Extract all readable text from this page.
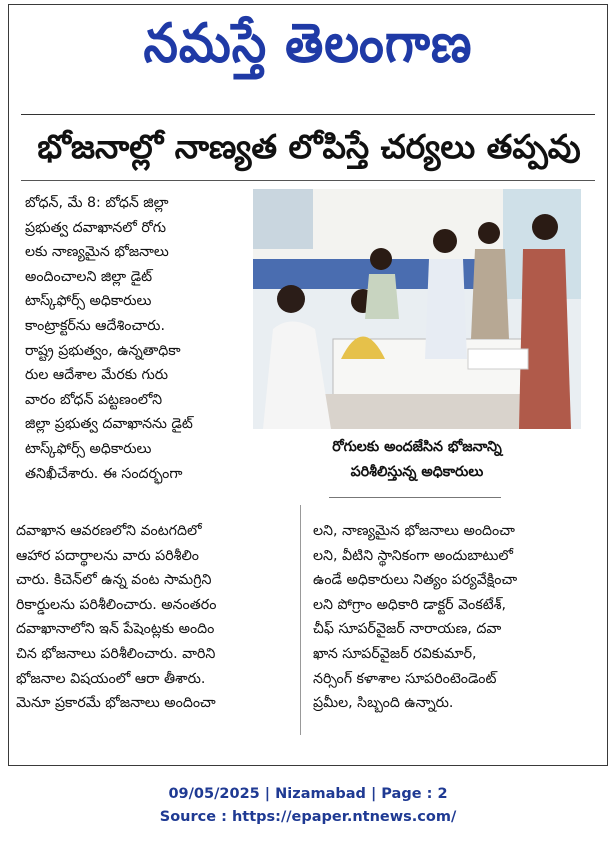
నమస్తే తెలంగాణ
భోజనాల్లో నాణ్యత లోపిస్తే చర్యలు తప్పవు
బోధన్, మే 8: బోధన్ జిల్లా
ప్రభుత్వ దవాఖానలో రోగు
లకు నాణ్యమైన భోజనాలు
అందించాలని జిల్లా డైట్
టాస్క్‌ఫోర్స్ అధికారులు
కాంట్రాక్టర్‌ను ఆదేశించారు.
రాష్ట్ర ప్రభుత్వం, ఉన్నతాధికా
రుల ఆదేశాల మేరకు గురు
వారం బోధన్ పట్టణంలోని
జిల్లా ప్రభుత్వ దవాఖానను డైట్
టాస్క్‌ఫోర్స్ అధికారులు
తనిఖీచేశారు. ఈ సందర్భంగా
రోగులకు అందజేసిన భోజనాన్ని
పరిశీలిస్తున్న అధికారులు
దవాఖాన ఆవరణలోని వంటగదిలో
ఆహార పదార్థాలను వారు పరిశీలిం
చారు. కిచెన్‌లో ఉన్న వంట సామగ్రిని
రికార్డులను పరిశీలించారు. అనంతరం
దవాఖానాలోని ఇన్ పేషెంట్లకు అందిం
చిన భోజనాలు పరిశీలించారు. వారిని
భోజనాల విషయంలో ఆరా తీశారు.
మెనూ ప్రకారమే భోజనాలు అందించా
లని, నాణ్యమైన భోజనాలు అందించా
లని, వీటిని స్థానికంగా అందుబాటులో
ఉండే అధికారులు నిత్యం పర్యవేక్షించా
లని పోగ్రాం అధికారి డాక్టర్ వెంకటేశ్,
చీఫ్ సూపర్‌వైజర్ నారాయణ, దవా
ఖాన సూపర్‌వైజర్ రవికుమార్,
నర్సింగ్ కళాశాల సూపరింటెండెంట్
ప్రమీల, సిబ్బంది ఉన్నారు.
09/05/2025 | Nizamabad | Page : 2
Source : https://epaper.ntnews.com/
